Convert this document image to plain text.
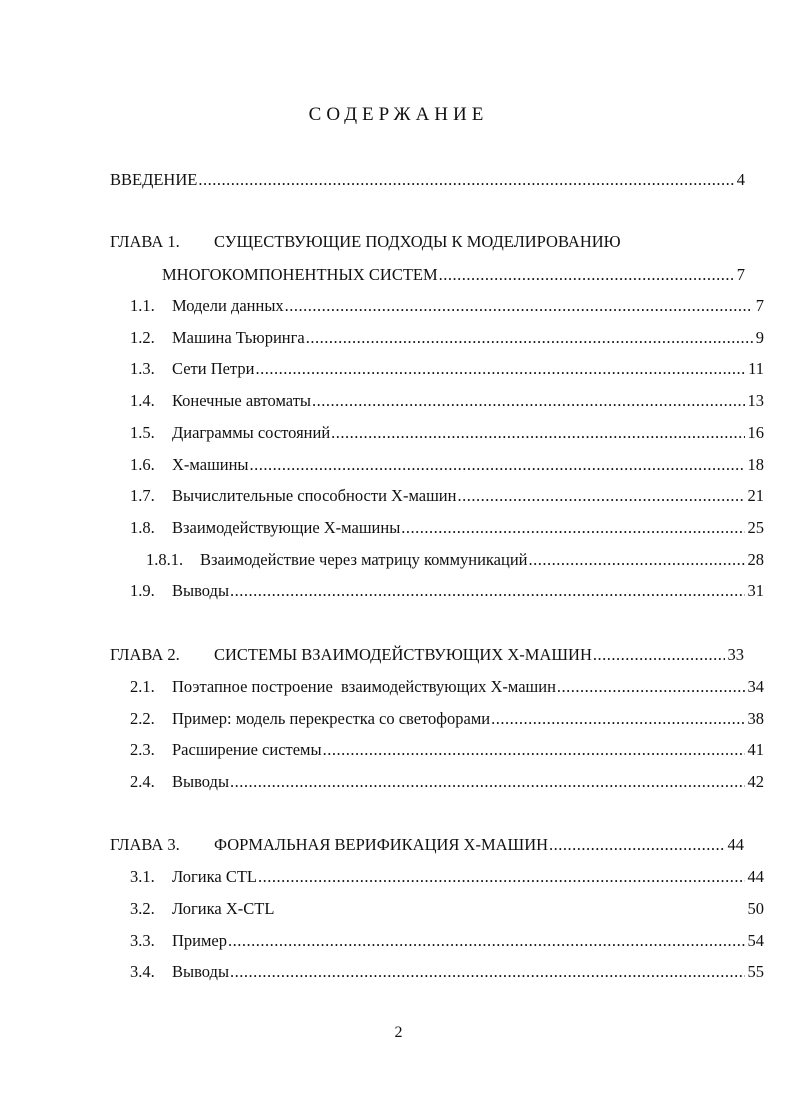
СОДЕРЖАНИЕ
ВВЕДЕНИЕ .....	4
ГЛАВА 1. СУЩЕСТВУЮЩИЕ ПОДХОДЫ К МОДЕЛИРОВАНИЮ
МНОГОКОМПОНЕНТНЫХ СИСТЕМ .....	7
1.1.	Модели данных .....	7
1.2.	Машина Тьюринга .....	9
1.3.	Сети Петри .....	11
1.4.	Конечные автоматы .....	13
1.5.	Диаграммы состояний .....	16
1.6.	X-машины .....	18
1.7.	Вычислительные способности X-машин .....	21
1.8.	Взаимодействующие X-машины .....	25
1.8.1.	Взаимодействие через матрицу коммуникаций .....	28
1.9.	Выводы .....	31
ГЛАВА 2.	СИСТЕМЫ ВЗАИМОДЕЙСТВУЮЩИХ X-МАШИН .....	33
2.1.	Поэтапное построение  взаимодействующих X-машин .....	34
2.2.	Пример: модель перекрестка со светофорами .....	38
2.3.	Расширение системы .....	41
2.4.	Выводы .....	42
ГЛАВА 3.	ФОРМАЛЬНАЯ ВЕРИФИКАЦИЯ X-МАШИН .....	44
3.1.	Логика CTL .....	44
3.2.	Логика X-CTL	50
3.3.	Пример .....	54
3.4.	Выводы .....	55
2
